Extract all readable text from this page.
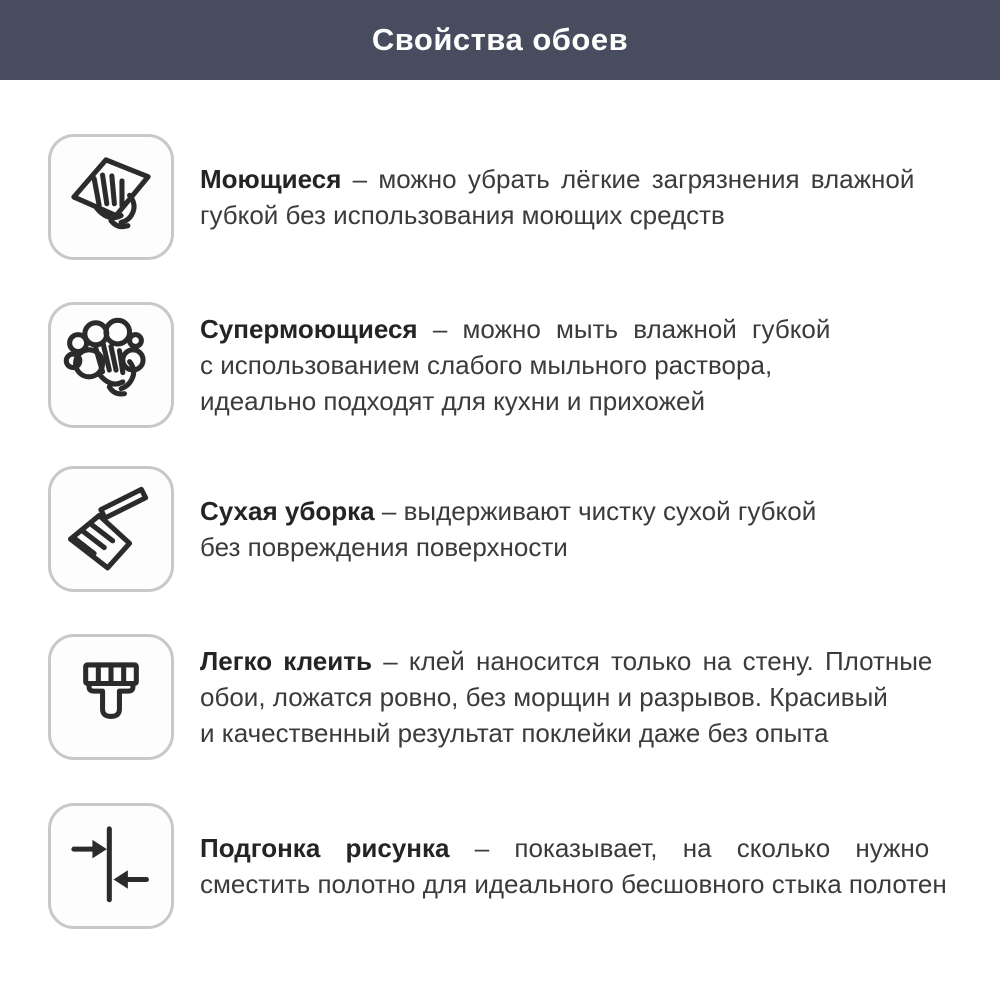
Свойства обоев
Моющиеся – можно убрать лёгкие загрязнения влажной
губкой без использования моющих средств
Супермоющиеся – можно мыть влажной губкой
с использованием слабого мыльного раствора,
идеально подходят для кухни и прихожей
Сухая уборка – выдерживают чистку сухой губкой
без повреждения поверхности
Легко клеить – клей наносится только на стену. Плотные
обои, ложатся ровно, без морщин и разрывов. Красивый
и качественный результат поклейки даже без опыта
Подгонка рисунка – показывает, на сколько нужно
сместить полотно для идеального бесшовного стыка полотен
